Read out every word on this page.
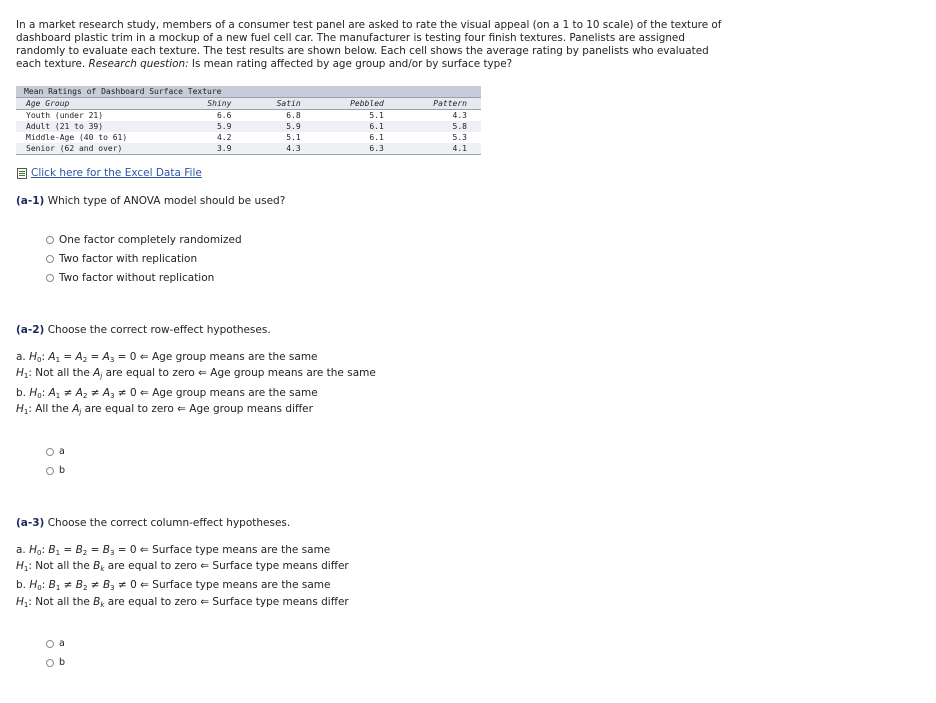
In a market research study, members of a consumer test panel are asked to rate the visual appeal (on a 1 to 10 scale) of the texture of dashboard plastic trim in a mockup of a new fuel cell car. The manufacturer is testing four finish textures. Panelists are assigned randomly to evaluate each texture. The test results are shown below. Each cell shows the average rating by panelists who evaluated each texture. Research question: Is mean rating affected by age group and/or by surface type?
Mean Ratings of Dashboard Surface Texture				
Age Group	Shiny	Satin	Pebbled	Pattern
Youth (under 21)	6.6	6.8	5.1	4.3
Adult (21 to 39)	5.9	5.9	6.1	5.8
Middle-Age (40 to 61)	4.2	5.1	6.1	5.3
Senior (62 and over)	3.9	4.3	6.3	4.1
Click here for the Excel Data File
(a-1) Which type of ANOVA model should be used?
One factor completely randomized
Two factor with replication
Two factor without replication
(a-2) Choose the correct row-effect hypotheses.
a. $H_0$: $A_1 = A_2 = A_3 = 0$ ⇐ Age group means are the same
$H_1$: Not all the $A_j$ are equal to zero ⇐ Age group means are the same
b. $H_0$: $A_1 \ne A_2 \ne A_3 \ne 0$ ⇐ Age group means are the same
$H_1$: All the $A_j$ are equal to zero ⇐ Age group means differ
a
b
(a-3) Choose the correct column-effect hypotheses.
a. $H_0$: $B_1 = B_2 = B_3 = 0$ ⇐ Surface type means are the same
$H_1$: Not all the $B_k$ are equal to zero ⇐ Surface type means differ
b. $H_0$: $B_1 \ne B_2 \ne B_3 \ne 0$ ⇐ Surface type means are the same
$H_1$: Not all the $B_k$ are equal to zero ⇐ Surface type means differ
a
b
